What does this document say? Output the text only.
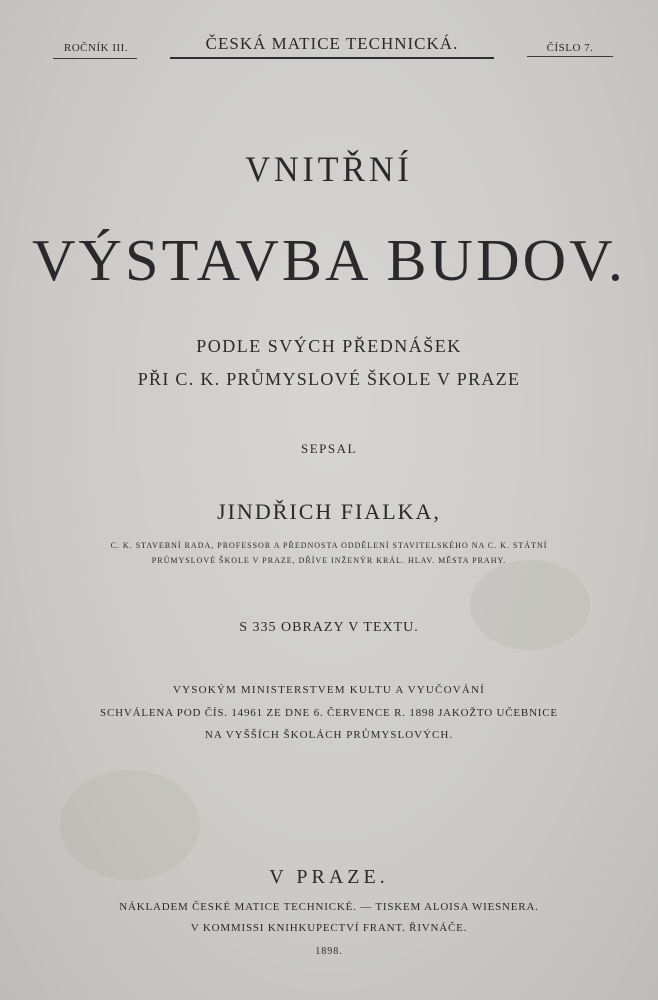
ROČNÍK III.	ČESKÁ MATICE TECHNICKÁ.	ČÍSLO 7.
VNITŘNÍ
VÝSTAVBA BUDOV.
PODLE SVÝCH PŘEDNÁŠEK
PŘI C. K. PRŮMYSLOVÉ ŠKOLE V PRAZE
SEPSAL
JINDŘICH FIALKA,
C. K. STAVEBNÍ RADA, PROFESSOR A PŘEDNOSTA ODDĚLENÍ STAVITELSKÉHO NA C. K. STÁTNÍ
PRŮMYSLOVÉ ŠKOLE V PRAZE, DŘÍVE INŽENÝR KRÁL. HLAV. MĚSTA PRAHY.
S 335 OBRAZY V TEXTU.
VYSOKÝM MINISTERSTVEM KULTU A VYUČOVÁNÍ
SCHVÁLENA POD ČÍS. 14961 ZE DNE 6. ČERVENCE R. 1898 JAKOŽTO UČEBNICE
NA VYŠŠÍCH ŠKOLÁCH PRŮMYSLOVÝCH.
V PRAZE.
NÁKLADEM ČESKÉ MATICE TECHNICKÉ. — TISKEM ALOISA WIESNERA.
V KOMMISSI KNIHKUPECTVÍ FRANT. ŘIVNÁČE.
1898.
